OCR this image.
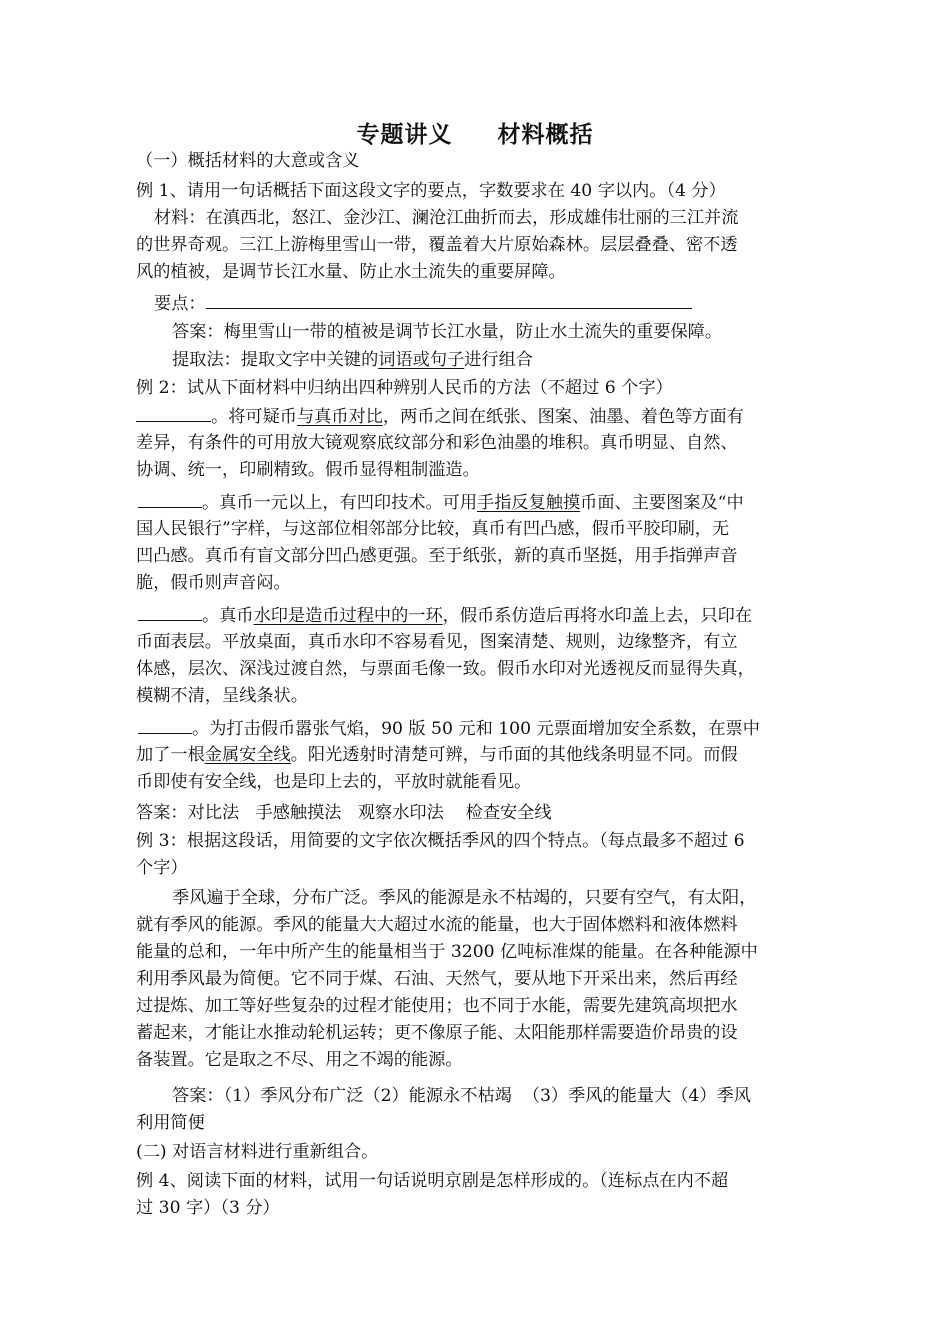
专题讲义     材料概括
（一）概括材料的大意或含义
例 1、请用一句话概括下面这段文字的要点，字数要求在 40 字以内。（4 分）
材料：在滇西北，怒江、金沙江、澜沧江曲折而去，形成雄伟壮丽的三江并流
的世界奇观。三江上游梅里雪山一带，覆盖着大片原始森林。层层叠叠、密不透
风的植被，是调节长江水量、防止水土流失的重要屏障。
要点：
答案：梅里雪山一带的植被是调节长江水量，防止水土流失的重要保障。
提取法：提取文字中关键的词语或句子进行组合
例 2：试从下面材料中归纳出四种辨别人民币的方法（不超过 6 个字）
。将可疑币与真币对比，两币之间在纸张、图案、油墨、着色等方面有
差异，有条件的可用放大镜观察底纹部分和彩色油墨的堆积。真币明显、自然、
协调、统一，印刷精致。假币显得粗制滥造。
。真币一元以上，有凹印技术。可用手指反复触摸币面、主要图案及“中
国人民银行”字样，与这部位相邻部分比较，真币有凹凸感，假币平胶印刷，无
凹凸感。真币有盲文部分凹凸感更强。至于纸张，新的真币坚挺，用手指弹声音
脆，假币则声音闷。
。真币水印是造币过程中的一环，假币系仿造后再将水印盖上去，只印在
币面表层。平放桌面，真币水印不容易看见，图案清楚、规则，边缘整齐，有立
体感，层次、深浅过渡自然，与票面毛像一致。假币水印对光透视反而显得失真，
模糊不清，呈线条状。
。为打击假币嚣张气焰，90 版 50 元和 100 元票面增加安全系数，在票中
加了一根金属安全线。阳光透射时清楚可辨，与币面的其他线条明显不同。而假
币即使有安全线，也是印上去的，平放时就能看见。
答案：对比法   手感触摸法   观察水印法    检查安全线
例 3：根据这段话，用简要的文字依次概括季风的四个特点。（每点最多不超过 6
个字）
季风遍于全球，分布广泛。季风的能源是永不枯竭的，只要有空气，有太阳，
就有季风的能源。季风的能量大大超过水流的能量，也大于固体燃料和液体燃料
能量的总和，一年中所产生的能量相当于 3200 亿吨标准煤的能量。在各种能源中
利用季风最为简便。它不同于煤、石油、天然气，要从地下开采出来，然后再经
过提炼、加工等好些复杂的过程才能使用；也不同于水能，需要先建筑高坝把水
蓄起来，才能让水推动轮机运转；更不像原子能、太阳能那样需要造价昂贵的设
备装置。它是取之不尽、用之不竭的能源。
答案：（1）季风分布广泛（2）能源永不枯竭  （3）季风的能量大（4）季风
利用简便
(二) 对语言材料进行重新组合。
例 4、阅读下面的材料，试用一句话说明京剧是怎样形成的。（连标点在内不超
过 30 字）（3 分）
